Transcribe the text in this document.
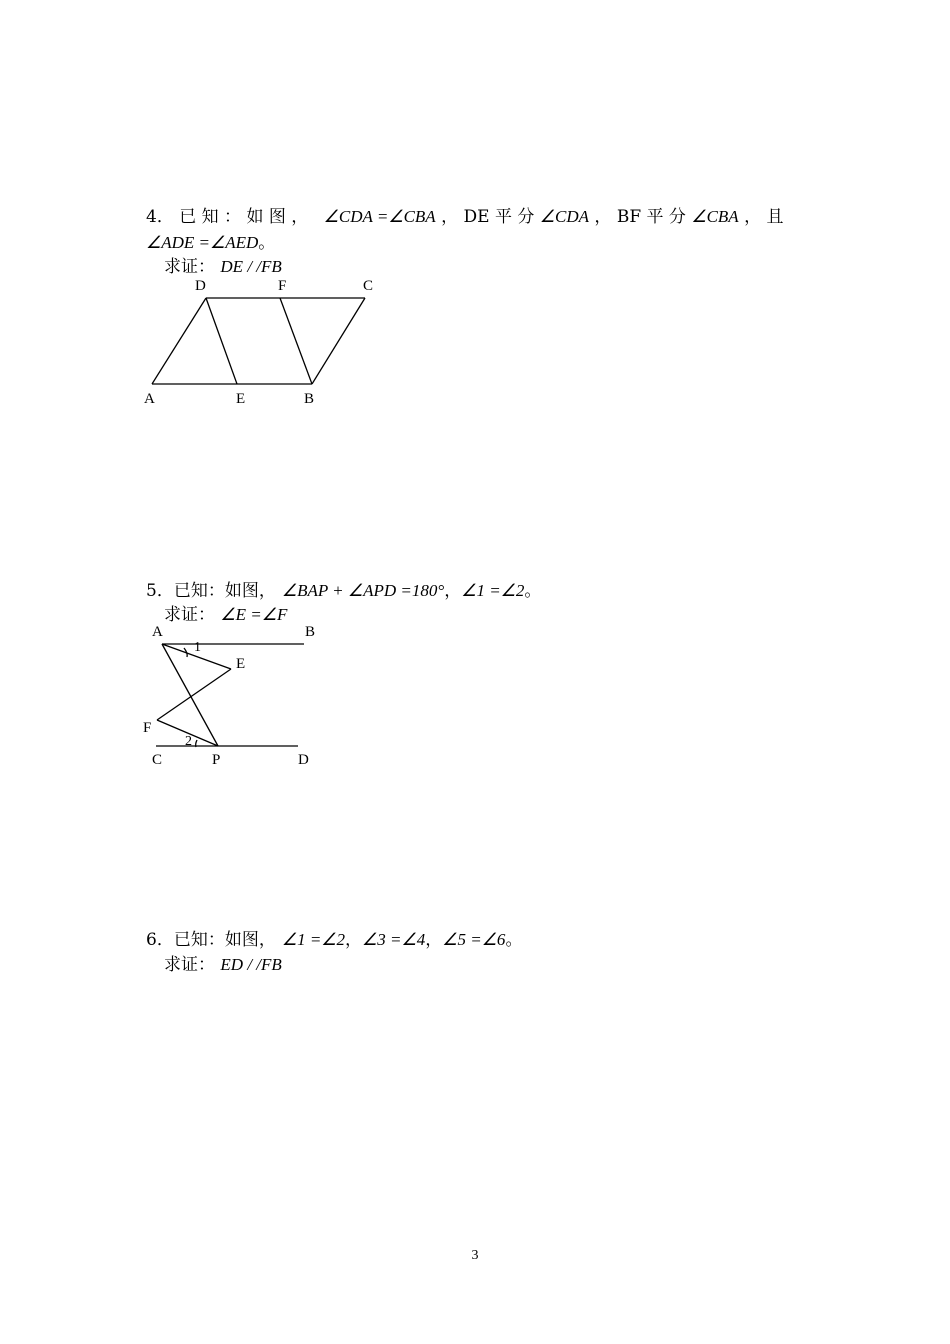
4． 已 知 ： 如 图 ， ∠CDA =∠CBA ， DE 平 分 ∠CDA ， BF 平 分 ∠CBA ， 且
∠ADE =∠AED。
求证： DE / /FB
D	F	C
A	E	B
5．已知：如图， ∠BAP + ∠APD =180°，∠1 =∠2。
求证： ∠E =∠F
A	B
E
F
C	P	D
1
2
6．已知：如图， ∠1 =∠2，∠3 =∠4，∠5 =∠6。
求证： ED / /FB
3
